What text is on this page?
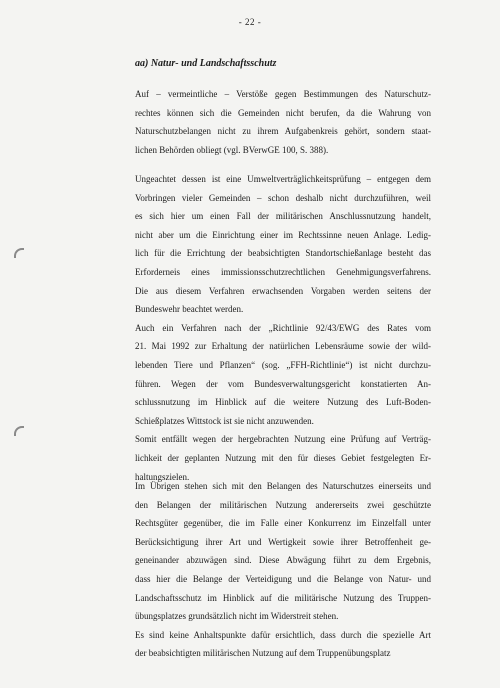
- 22 -
aa) Natur- und Landschaftsschutz
Auf – vermeintliche – Verstöße gegen Bestimmungen des Naturschutz-
rechtes können sich die Gemeinden nicht berufen, da die Wahrung von
Naturschutzbelangen nicht zu ihrem Aufgabenkreis gehört, sondern staat-
lichen Behörden obliegt (vgl. BVerwGE 100, S. 388).
Ungeachtet dessen ist eine Umweltverträglichkeitsprüfung – entgegen dem
Vorbringen vieler Gemeinden – schon deshalb nicht durchzuführen, weil
es sich hier um einen Fall der militärischen Anschlussnutzung handelt,
nicht aber um die Einrichtung einer im Rechtssinne neuen Anlage. Ledig-
lich für die Errichtung der beabsichtigten Standortschießanlage besteht das
Erforderneis eines immissionsschutzrechtlichen Genehmigungsverfahrens.
Die aus diesem Verfahren erwachsenden Vorgaben werden seitens der
Bundeswehr beachtet werden.
Auch ein Verfahren nach der „Richtlinie 92/43/EWG des Rates vom
21. Mai 1992 zur Erhaltung der natürlichen Lebensräume sowie der wild-
lebenden Tiere und Pflanzen“ (sog. „FFH-Richtlinie“) ist nicht durchzu-
führen. Wegen der vom Bundesverwaltungsgericht konstatierten An-
schlussnutzung im Hinblick auf die weitere Nutzung des Luft-Boden-
Schießplatzes Wittstock ist sie nicht anzuwenden.
Somit entfällt wegen der hergebrachten Nutzung eine Prüfung auf Verträg-
lichkeit der geplanten Nutzung mit den für dieses Gebiet festgelegten Er-
haltungszielen.
Im Übrigen stehen sich mit den Belangen des Naturschutzes einerseits und
den Belangen der militärischen Nutzung andererseits zwei geschützte
Rechtsgüter gegenüber, die im Falle einer Konkurrenz im Einzelfall unter
Berücksichtigung ihrer Art und Wertigkeit sowie ihrer Betroffenheit ge-
geneinander abzuwägen sind. Diese Abwägung führt zu dem Ergebnis,
dass hier die Belange der Verteidigung und die Belange von Natur- und
Landschaftsschutz im Hinblick auf die militärische Nutzung des Truppen-
übungsplatzes grundsätzlich nicht im Widerstreit stehen.
Es sind keine Anhaltspunkte dafür ersichtlich, dass durch die spezielle Art
der beabsichtigten militärischen Nutzung auf dem Truppenübungsplatz
